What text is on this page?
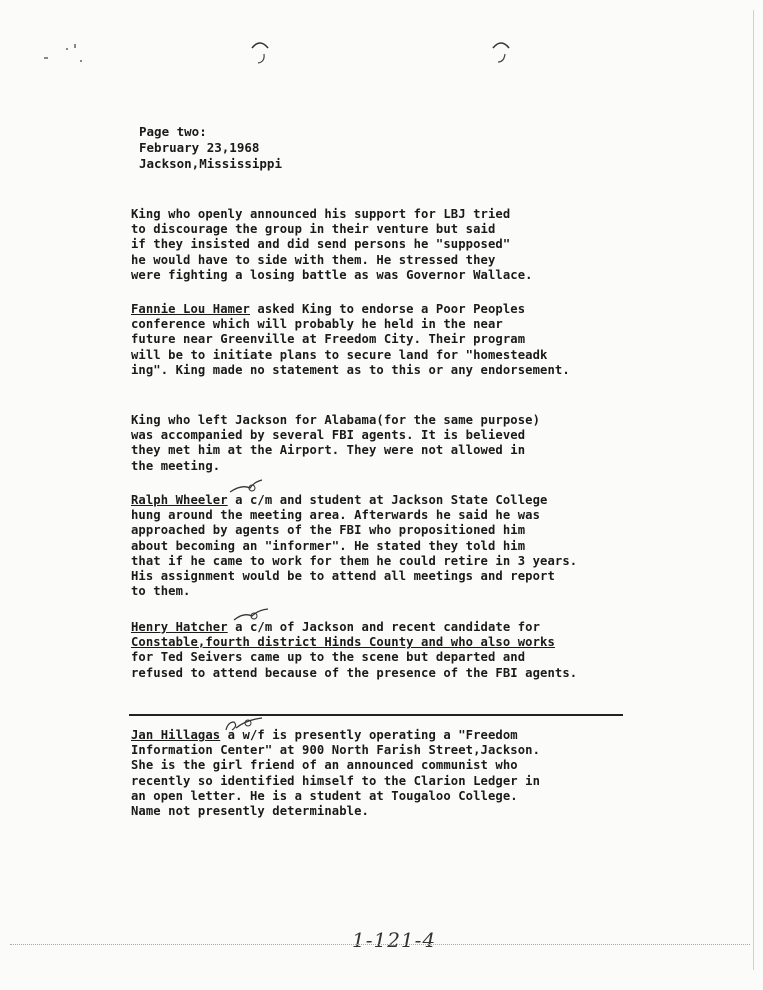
Page two:
February 23,1968
Jackson,Mississippi
King who openly announced his support for LBJ tried
to discourage the group in their venture but said
if they insisted and did send persons he "supposed"
he would have to side with them. He stressed they
were fighting a losing battle as was Governor Wallace.
Fannie Lou Hamer asked King to endorse a Poor Peoples
conference which will probably he held in the near
future near Greenville at Freedom City. Their program
will be to initiate plans to secure land for "homesteadk
ing". King made no statement as to this or any endorsement.
King who left Jackson for Alabama(for the same purpose)
was accompanied by several FBI agents. It is believed
they met him at the Airport. They were not allowed in
the meeting.
Ralph Wheeler a c/m and student at Jackson State College
hung around the meeting area. Afterwards he said he was
approached by agents of the FBI who propositioned him
about becoming an "informer". He stated they told him
that if he came to work for them he could retire in 3 years.
His assignment would be to attend all meetings and report
to them.
Henry Hatcher a c/m of Jackson and recent candidate for
Constable,fourth district Hinds County and who also works
for Ted Seivers came up to the scene but departed and
refused to attend because of the presence of the FBI agents.
Jan Hillagas a w/f is presently operating a "Freedom
Information Center" at 900 North Farish Street,Jackson.
She is the girl friend of an announced communist who
recently so identified himself to the Clarion Ledger in
an open letter. He is a student at Tougaloo College.
Name not presently determinable.
1-121-4
